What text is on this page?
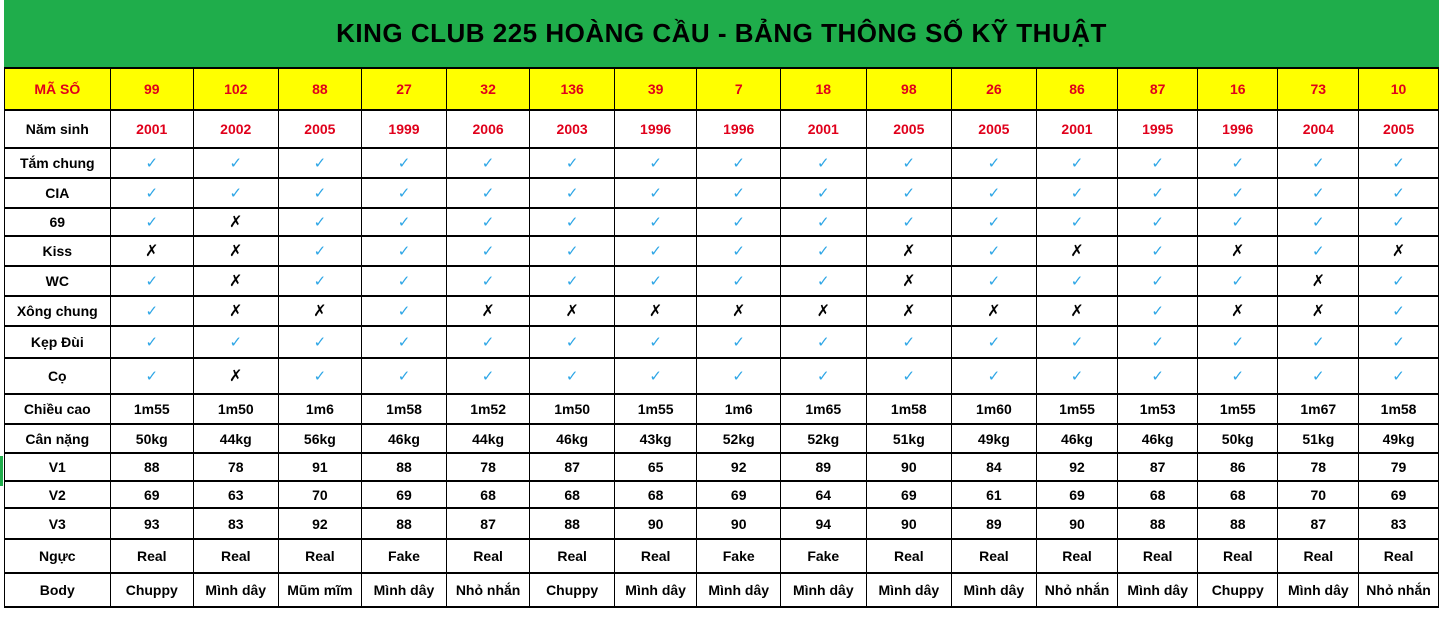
KING CLUB 225 HOÀNG CẦU - BẢNG THÔNG SỐ KỸ THUẬT
MÃ SỐ	99	102	88	27	32	136	39	7	18	98	26	86	87	16	73	10
Năm sinh	2001	2002	2005	1999	2006	2003	1996	1996	2001	2005	2005	2001	1995	1996	2004	2005
Tắm chung	✓	✓	✓	✓	✓	✓	✓	✓	✓	✓	✓	✓	✓	✓	✓	✓
CIA	✓	✓	✓	✓	✓	✓	✓	✓	✓	✓	✓	✓	✓	✓	✓	✓
69	✓	✗	✓	✓	✓	✓	✓	✓	✓	✓	✓	✓	✓	✓	✓	✓
Kiss	✗	✗	✓	✓	✓	✓	✓	✓	✓	✗	✓	✗	✓	✗	✓	✗
WC	✓	✗	✓	✓	✓	✓	✓	✓	✓	✗	✓	✓	✓	✓	✗	✓
Xông chung	✓	✗	✗	✓	✗	✗	✗	✗	✗	✗	✗	✗	✓	✗	✗	✓
Kẹp Đùi	✓	✓	✓	✓	✓	✓	✓	✓	✓	✓	✓	✓	✓	✓	✓	✓
Cọ	✓	✗	✓	✓	✓	✓	✓	✓	✓	✓	✓	✓	✓	✓	✓	✓
Chiều cao	1m55	1m50	1m6	1m58	1m52	1m50	1m55	1m6	1m65	1m58	1m60	1m55	1m53	1m55	1m67	1m58
Cân nặng	50kg	44kg	56kg	46kg	44kg	46kg	43kg	52kg	52kg	51kg	49kg	46kg	46kg	50kg	51kg	49kg
V1	88	78	91	88	78	87	65	92	89	90	84	92	87	86	78	79
V2	69	63	70	69	68	68	68	69	64	69	61	69	68	68	70	69
V3	93	83	92	88	87	88	90	90	94	90	89	90	88	88	87	83
Ngực	Real	Real	Real	Fake	Real	Real	Real	Fake	Fake	Real	Real	Real	Real	Real	Real	Real
Body	Chuppy	Mình dây	Mũm mĩm	Mình dây	Nhỏ nhắn	Chuppy	Mình dây	Mình dây	Mình dây	Mình dây	Mình dây	Nhỏ nhắn	Mình dây	Chuppy	Mình dây	Nhỏ nhắn
